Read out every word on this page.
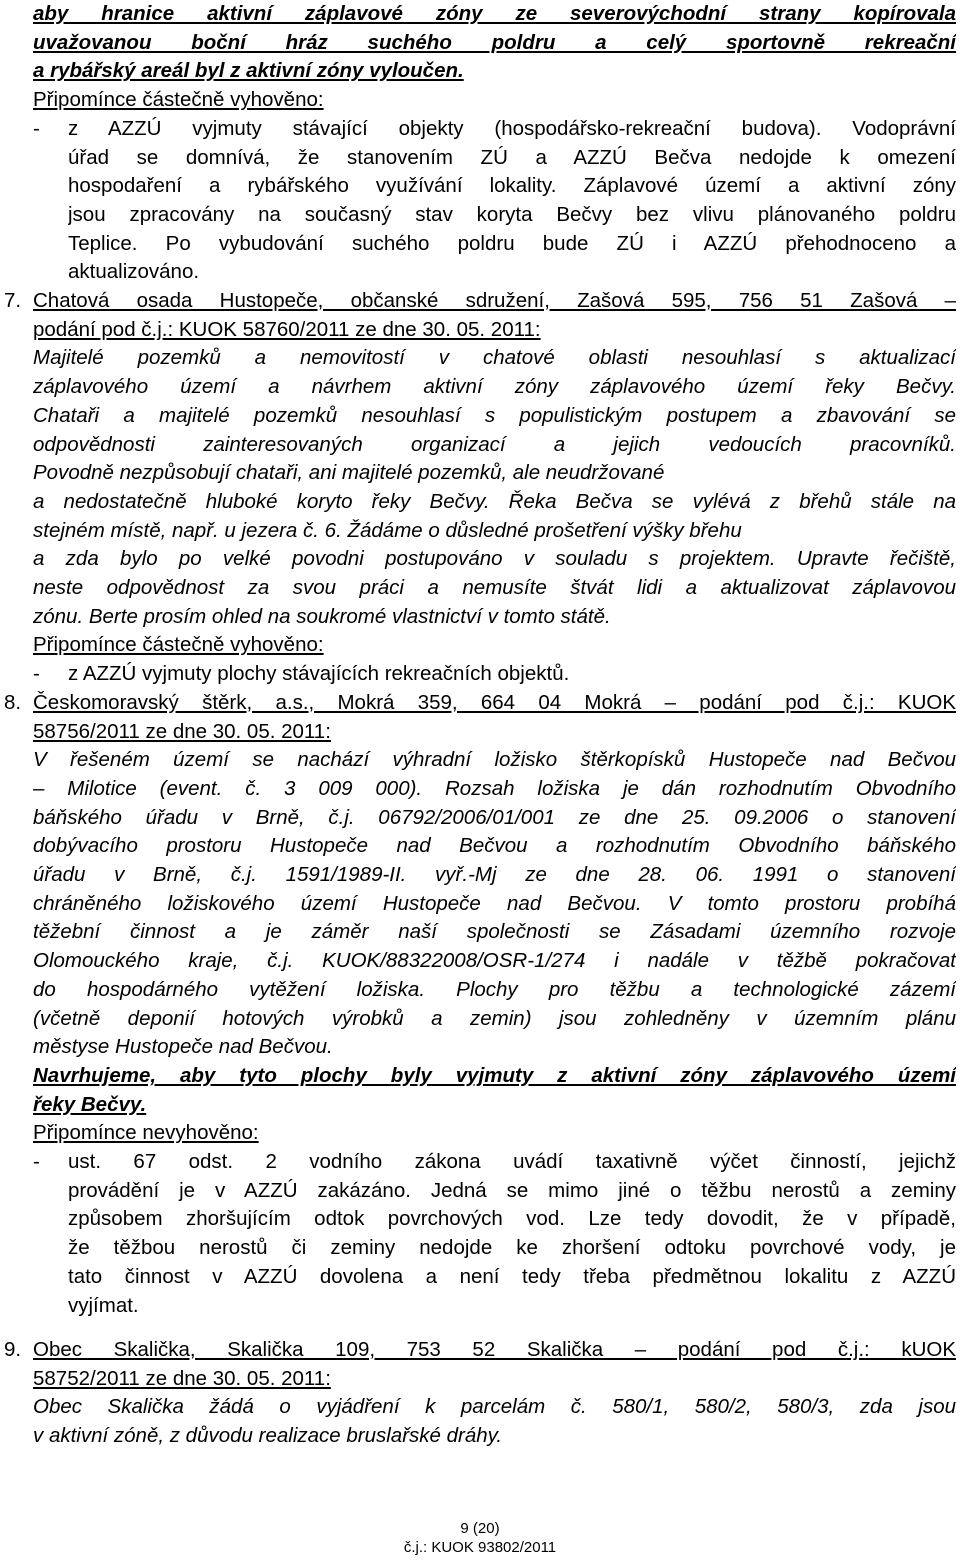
aby hranice aktivní záplavové zóny ze severovýchodní strany kopírovala
uvažovanou boční hráz suchého poldru a celý sportovně rekreační
a rybářský areál byl z aktivní zóny vyloučen.
Připomínce částečně vyhověno:
-	z AZZÚ vyjmuty stávající objekty (hospodářsko-rekreační budova). Vodoprávní
úřad se domnívá, že stanovením ZÚ a AZZÚ Bečva nedojde k omezení
hospodaření a rybářského využívání lokality. Záplavové území a aktivní zóny
jsou zpracovány na současný stav koryta Bečvy bez vlivu plánovaného poldru
Teplice. Po vybudování suchého poldru bude ZÚ i AZZÚ přehodnoceno a
aktualizováno.
7. Chatová osada Hustopeče, občanské sdružení, Zašová 595, 756 51 Zašová –
podání pod č.j.: KUOK 58760/2011 ze dne 30. 05. 2011:
Majitelé pozemků a nemovitostí v chatové oblasti nesouhlasí s aktualizací
záplavového území a návrhem aktivní zóny záplavového území řeky Bečvy.
Chataři a majitelé pozemků nesouhlasí s populistickým postupem a zbavování se
odpovědnosti zainteresovaných organizací a jejich vedoucích pracovníků.
Povodně nezpůsobují chataři, ani majitelé pozemků, ale neudržované
a nedostatečně hluboké koryto řeky Bečvy. Řeka Bečva se vylévá z břehů stále na
stejném místě, např. u jezera č. 6. Žádáme o důsledné prošetření výšky břehu
a zda bylo po velké povodni postupováno v souladu s projektem. Upravte řečiště,
neste odpovědnost za svou práci a nemusíte štvát lidi a aktualizovat záplavovou
zónu. Berte prosím ohled na soukromé vlastnictví v tomto státě.
Připomínce částečně vyhověno:
-	z AZZÚ vyjmuty plochy stávajících rekreačních objektů.
8. Českomoravský štěrk, a.s., Mokrá 359, 664 04 Mokrá – podání pod č.j.: KUOK
58756/2011 ze dne 30. 05. 2011:
V řešeném území se nachází výhradní ložisko štěrkopísků Hustopeče nad Bečvou
– Milotice (event. č. 3 009 000). Rozsah ložiska je dán rozhodnutím Obvodního
báňského úřadu v Brně, č.j. 06792/2006/01/001 ze dne 25. 09.2006 o stanovení
dobývacího prostoru Hustopeče nad Bečvou a rozhodnutím Obvodního báňského
úřadu v Brně, č.j. 1591/1989-II. vyř.-Mj ze dne 28. 06. 1991 o stanovení
chráněného ložiskového území Hustopeče nad Bečvou. V tomto prostoru probíhá
těžební činnost a je záměr naší společnosti se Zásadami územního rozvoje
Olomouckého kraje, č.j. KUOK/88322008/OSR-1/274 i nadále v těžbě pokračovat
do hospodárného vytěžení ložiska. Plochy pro těžbu a technologické zázemí
(včetně deponií hotových výrobků a zemin) jsou zohledněny v územním plánu
městyse Hustopeče nad Bečvou.
Navrhujeme, aby tyto plochy byly vyjmuty z aktivní zóny záplavového území
řeky Bečvy.
Připomínce nevyhověno:
-	ust. 67 odst. 2 vodního zákona uvádí taxativně výčet činností, jejichž
provádění je v AZZÚ zakázáno. Jedná se mimo jiné o těžbu nerostů a zeminy
způsobem zhoršujícím odtok povrchových vod. Lze tedy dovodit, že v případě,
že těžbou nerostů či zeminy nedojde ke zhoršení odtoku povrchové vody, je
tato činnost v AZZÚ dovolena a není tedy třeba předmětnou lokalitu z AZZÚ
vyjímat.
9. Obec Skalička, Skalička 109, 753 52 Skalička – podání pod č.j.: kUOK
58752/2011 ze dne 30. 05. 2011:
Obec Skalička žádá o vyjádření k parcelám č. 580/1, 580/2, 580/3, zda jsou
v aktivní zóně, z důvodu realizace bruslařské dráhy.
9 (20)
č.j.: KUOK 93802/2011
